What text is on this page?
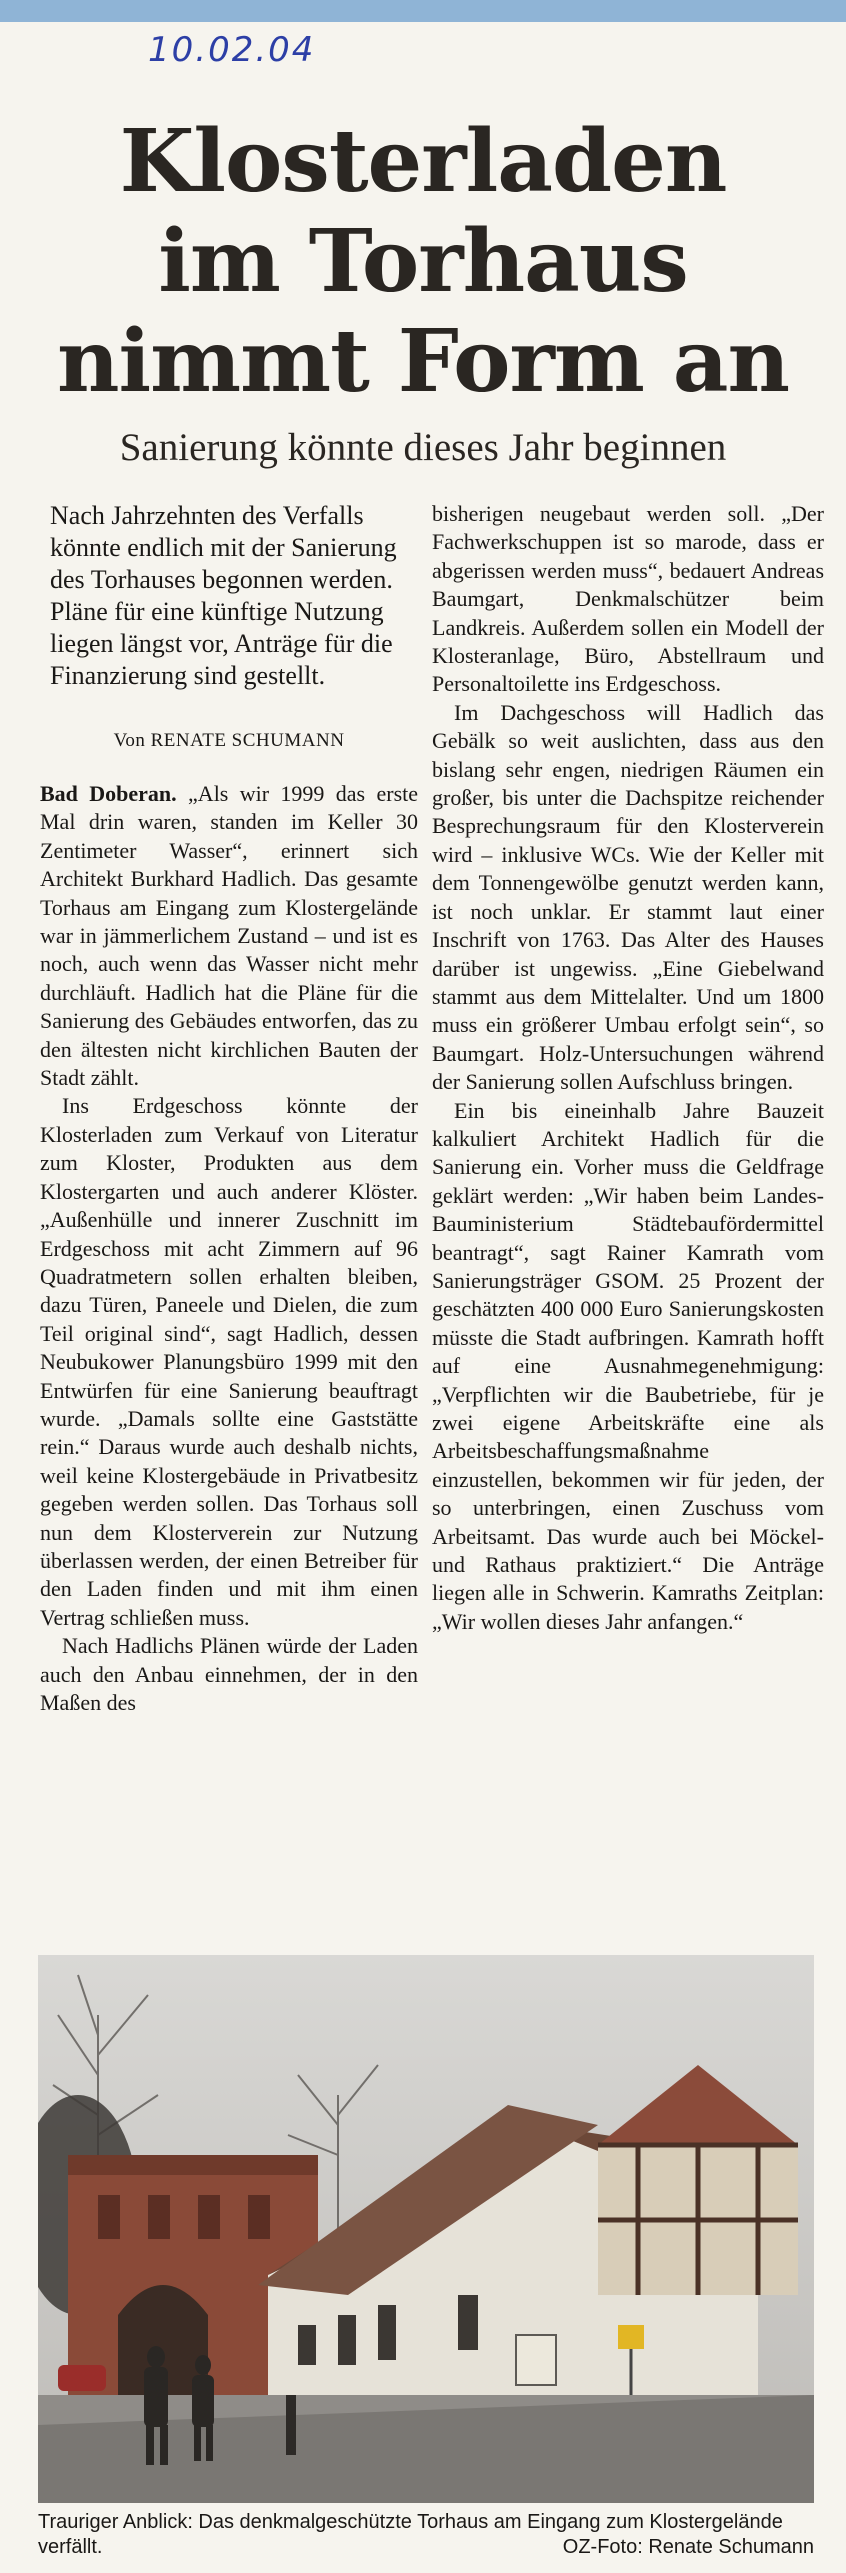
10.02.04
Klosterladen
im Torhaus
nimmt Form an
Sanierung könnte dieses Jahr beginnen

Nach Jahrzehnten des Verfalls könnte endlich mit der Sanierung des Torhauses begonnen werden. Pläne für eine künftige Nutzung liegen längst vor, Anträge für die Finanzierung sind gestellt.

Von RENATE SCHUMANN

Bad Doberan. „Als wir 1999 das erste Mal drin waren, standen im Keller 30 Zentimeter Wasser“, erinnert sich Architekt Burkhard Hadlich. Das gesamte Torhaus am Eingang zum Klostergelände war in jämmerlichem Zustand – und ist es noch, auch wenn das Wasser nicht mehr durchläuft. Hadlich hat die Pläne für die Sanierung des Gebäudes entworfen, das zu den ältesten nicht kirchlichen Bauten der Stadt zählt.

Ins Erdgeschoss könnte der Klosterladen zum Verkauf von Literatur zum Kloster, Produkten aus dem Klostergarten und auch anderer Klöster. „Außenhülle und innerer Zuschnitt im Erdgeschoss mit acht Zimmern auf 96 Quadratmetern sollen erhalten bleiben, dazu Türen, Paneele und Dielen, die zum Teil original sind“, sagt Hadlich, dessen Neubukower Planungsbüro 1999 mit den Entwürfen für eine Sanierung beauftragt wurde. „Damals sollte eine Gaststätte rein.“ Daraus wurde auch deshalb nichts, weil keine Klostergebäude in Privatbesitz gegeben werden sollen. Das Torhaus soll nun dem Klosterverein zur Nutzung überlassen werden, der einen Betreiber für den Laden finden und mit ihm einen Vertrag schließen muss.

Nach Hadlichs Plänen würde der Laden auch den Anbau einnehmen, der in den Maßen des

bisherigen neugebaut werden soll. „Der Fachwerkschuppen ist so marode, dass er abgerissen werden muss“, bedauert Andreas Baumgart, Denkmalschützer beim Landkreis. Außerdem sollen ein Modell der Klosteranlage, Büro, Abstellraum und Personaltoilette ins Erdgeschoss.

Im Dachgeschoss will Hadlich das Gebälk so weit auslichten, dass aus den bislang sehr engen, niedrigen Räumen ein großer, bis unter die Dachspitze reichender Besprechungsraum für den Klosterverein wird – inklusive WCs. Wie der Keller mit dem Tonnengewölbe genutzt werden kann, ist noch unklar. Er stammt laut einer Inschrift von 1763. Das Alter des Hauses darüber ist ungewiss. „Eine Giebelwand stammt aus dem Mittelalter. Und um 1800 muss ein größerer Umbau erfolgt sein“, so Baumgart. Holz-Untersuchungen während der Sanierung sollen Aufschluss bringen.

Ein bis eineinhalb Jahre Bauzeit kalkuliert Architekt Hadlich für die Sanierung ein. Vorher muss die Geldfrage geklärt werden: „Wir haben beim Landes-Bauministerium Städtebaufördermittel beantragt“, sagt Rainer Kamrath vom Sanierungsträger GSOM. 25 Prozent der geschätzten 400 000 Euro Sanierungskosten müsste die Stadt aufbringen. Kamrath hofft auf eine Ausnahmegenehmigung: „Verpflichten wir die Baubetriebe, für je zwei eigene Arbeitskräfte eine als Arbeitsbeschaffungsmaßnahme einzustellen, bekommen wir für jeden, der so unterbringen, einen Zuschuss vom Arbeitsamt. Das wurde auch bei Möckel- und Rathaus praktiziert.“ Die Anträge liegen alle in Schwerin. Kamraths Zeitplan: „Wir wollen dieses Jahr anfangen.“

Trauriger Anblick: Das denkmalgeschützte Torhaus am Eingang zum Klostergelände verfällt.	OZ-Foto: Renate Schumann
